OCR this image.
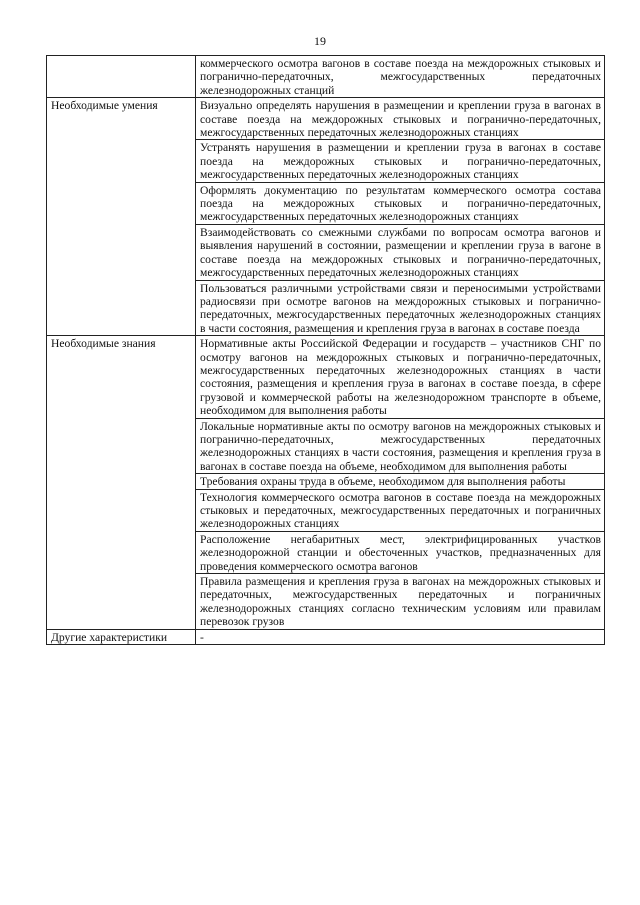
19
	коммерческого осмотра вагонов в составе поезда на междорожных стыковых и погранично-передаточных, межгосударственных передаточных железнодорожных станций
Необходимые умения	Визуально определять нарушения в размещении и креплении груза в вагонах в составе поезда на междорожных стыковых и погранично-передаточных, межгосударственных передаточных железнодорожных станциях
	Устранять нарушения в размещении и креплении груза в вагонах в составе поезда на междорожных стыковых и погранично-передаточных, межгосударственных передаточных железнодорожных станциях
	Оформлять документацию по результатам коммерческого осмотра состава поезда на междорожных стыковых и погранично-передаточных, межгосударственных передаточных железнодорожных станциях
	Взаимодействовать со смежными службами по вопросам осмотра вагонов и выявления нарушений в состоянии, размещении и креплении груза в вагоне в составе поезда на междорожных стыковых и погранично-передаточных, межгосударственных передаточных железнодорожных станциях
	Пользоваться различными устройствами связи и переносимыми устройствами радиосвязи при осмотре вагонов на междорожных стыковых и погранично-передаточных, межгосударственных передаточных железнодорожных станциях в части состояния, размещения и крепления груза в вагонах в составе поезда
Необходимые знания	Нормативные акты Российской Федерации и государств – участников СНГ по осмотру вагонов на междорожных стыковых и погранично-передаточных, межгосударственных передаточных железнодорожных станциях в части состояния, размещения и крепления груза в вагонах в составе поезда, в сфере грузовой и коммерческой работы на железнодорожном транспорте в объеме, необходимом для выполнения работы
	Локальные нормативные акты по осмотру вагонов на междорожных стыковых и погранично-передаточных, межгосударственных передаточных железнодорожных станциях в части состояния, размещения и крепления груза в вагонах в составе поезда на объеме, необходимом для выполнения работы
	Требования охраны труда в объеме, необходимом для выполнения работы
	Технология коммерческого осмотра вагонов в составе поезда на междорожных стыковых и передаточных, межгосударственных передаточных и пограничных железнодорожных станциях
	Расположение негабаритных мест, электрифицированных участков железнодорожной станции и обесточенных участков, предназначенных для проведения коммерческого осмотра вагонов
	Правила размещения и крепления груза в вагонах на междорожных стыковых и передаточных, межгосударственных передаточных и пограничных железнодорожных станциях согласно техническим условиям или правилам перевозок грузов
Другие характеристики	-
